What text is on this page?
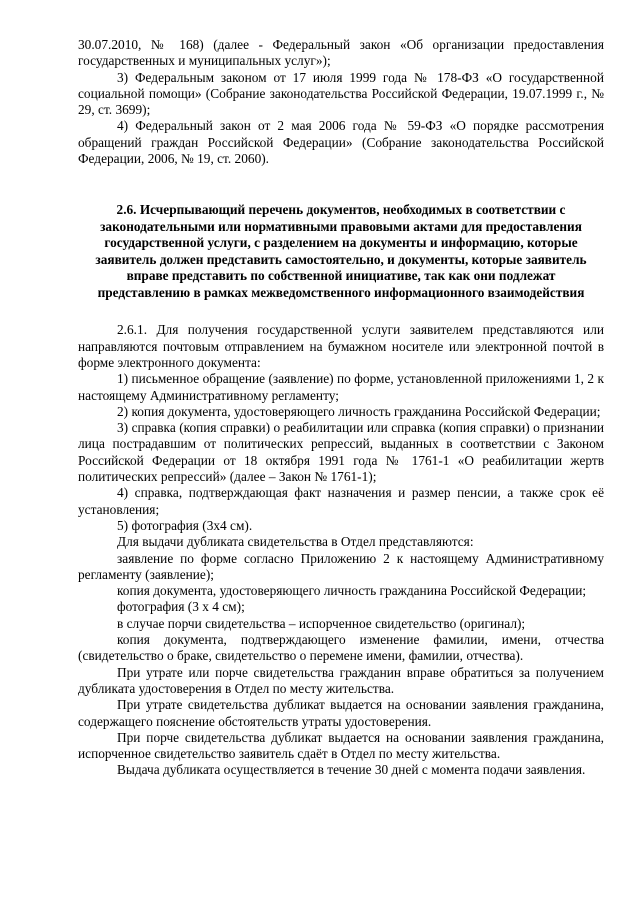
30.07.2010, № 168) (далее - Федеральный закон «Об организации предоставления государственных и муниципальных услуг»);

3) Федеральным законом от 17 июля 1999 года № 178-ФЗ «О государственной социальной помощи» (Собрание законодательства Российской Федерации, 19.07.1999 г., № 29, ст. 3699);

4) Федеральный закон от 2 мая 2006 года № 59-ФЗ «О порядке рассмотрения обращений граждан Российской Федерации» (Собрание законодательства Российской Федерации, 2006, № 19, ст. 2060).

2.6. Исчерпывающий перечень документов, необходимых в соответствии с
законодательными или нормативными правовыми актами для предоставления
государственной услуги, с разделением на документы и информацию, которые
заявитель должен представить самостоятельно, и документы, которые заявитель
вправе представить по собственной инициативе, так как они подлежат
представлению в рамках межведомственного информационного взаимодействия

2.6.1. Для получения государственной услуги заявителем представляются или направляются почтовым отправлением на бумажном носителе или электронной почтой в форме электронного документа:

1) письменное обращение (заявление) по форме, установленной приложениями 1, 2 к настоящему Административному регламенту;

2) копия документа, удостоверяющего личность гражданина Российской Федерации;

3) справка (копия справки) о реабилитации или справка (копия справки) о признании лица пострадавшим от политических репрессий, выданных в соответствии с Законом Российской Федерации от 18 октября 1991 года № 1761-1 «О реабилитации жертв политических репрессий» (далее – Закон № 1761-1);

4) справка, подтверждающая факт назначения и размер пенсии, а также срок её установления;

5) фотография (3х4 см).

Для выдачи дубликата свидетельства в Отдел представляются:

заявление по форме согласно Приложению 2 к настоящему Административному регламенту (заявление);

копия документа, удостоверяющего личность гражданина Российской Федерации;

фотография (3 х 4 см);

в случае порчи свидетельства – испорченное свидетельство (оригинал);

копия документа, подтверждающего изменение фамилии, имени, отчества (свидетельство о браке, свидетельство о перемене имени, фамилии, отчества).

При утрате или порче свидетельства гражданин вправе обратиться за получением дубликата удостоверения в Отдел по месту жительства.

При утрате свидетельства дубликат выдается на основании заявления гражданина, содержащего пояснение обстоятельств утраты удостоверения.

При порче свидетельства дубликат выдается на основании заявления гражданина, испорченное свидетельство заявитель сдаёт в Отдел по месту жительства.

Выдача дубликата осуществляется в течение 30 дней с момента подачи заявления.
